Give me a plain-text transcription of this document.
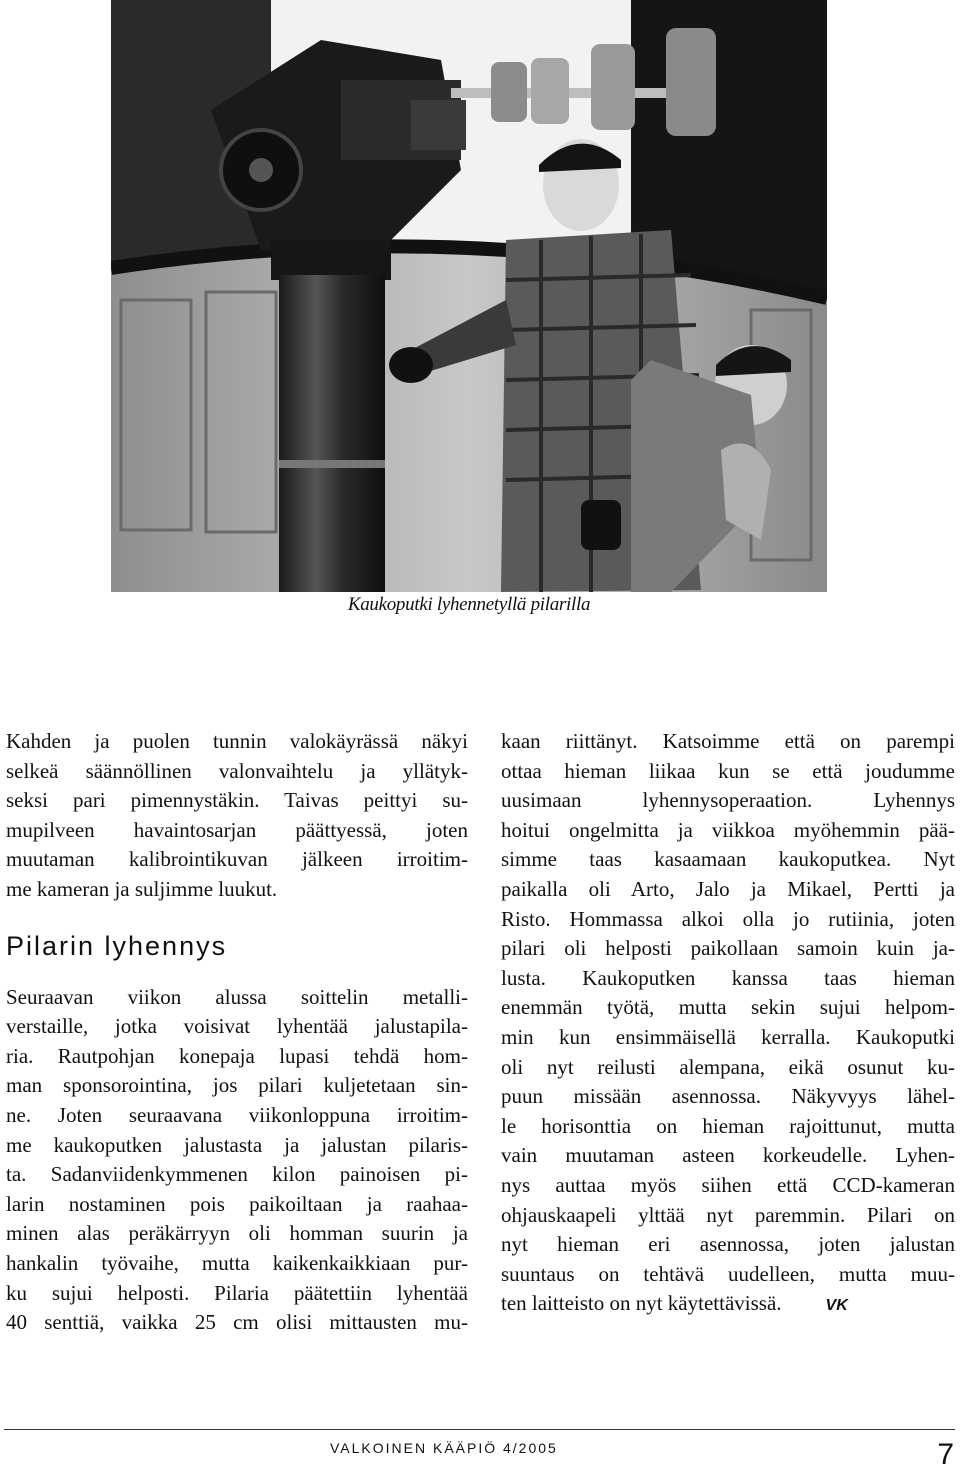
Kaukoputki lyhennetyllä pilarilla

Kahden ja puolen tunnin valokäyrässä näkyi
selkeä säännöllinen valonvaihtelu ja yllätyk-
seksi pari pimennystäkin. Taivas peittyi su-
mupilveen havaintosarjan päättyessä, joten
muutaman kalibrointikuvan jälkeen irroitim-
me kameran ja suljimme luukut.

Pilarin lyhennys

Seuraavan viikon alussa soittelin metalli-
verstaille, jotka voisivat lyhentää jalustapila-
ria. Rautpohjan konepaja lupasi tehdä hom-
man sponsorointina, jos pilari kuljetetaan sin-
ne. Joten seuraavana viikonloppuna irroitim-
me kaukoputken jalustasta ja jalustan pilaris-
ta. Sadanviidenkymmenen kilon painoisen pi-
larin nostaminen pois paikoiltaan ja raahaa-
minen alas peräkärryyn oli homman suurin ja
hankalin työvaihe, mutta kaikenkaikkiaan pur-
ku sujui helposti. Pilaria päätettiin lyhentää
40 senttiä, vaikka 25 cm olisi mittausten mu-

kaan riittänyt. Katsoimme että on parempi
ottaa hieman liikaa kun se että joudumme
uusimaan lyhennysoperaation. Lyhennys
hoitui ongelmitta ja viikkoa myöhemmin pää-
simme taas kasaamaan kaukoputkea. Nyt
paikalla oli Arto, Jalo ja Mikael, Pertti ja
Risto. Hommassa alkoi olla jo rutiinia, joten
pilari oli helposti paikollaan samoin kuin ja-
lusta. Kaukoputken kanssa taas hieman
enemmän työtä, mutta sekin sujui helpom-
min kun ensimmäisellä kerralla. Kaukoputki
oli nyt reilusti alempana, eikä osunut ku-
puun missään asennossa. Näkyvyys lähel-
le horisonttia on hieman rajoittunut, mutta
vain muutaman asteen korkeudelle. Lyhen-
nys auttaa myös siihen että CCD-kameran
ohjauskaapeli ylttää nyt paremmin. Pilari on
nyt hieman eri asennossa, joten jalustan
suuntaus on tehtävä uudelleen, mutta muu-
ten laitteisto on nyt käytettävissä.	VK

VALKOINEN KÄÄPIÖ 4/2005	7
